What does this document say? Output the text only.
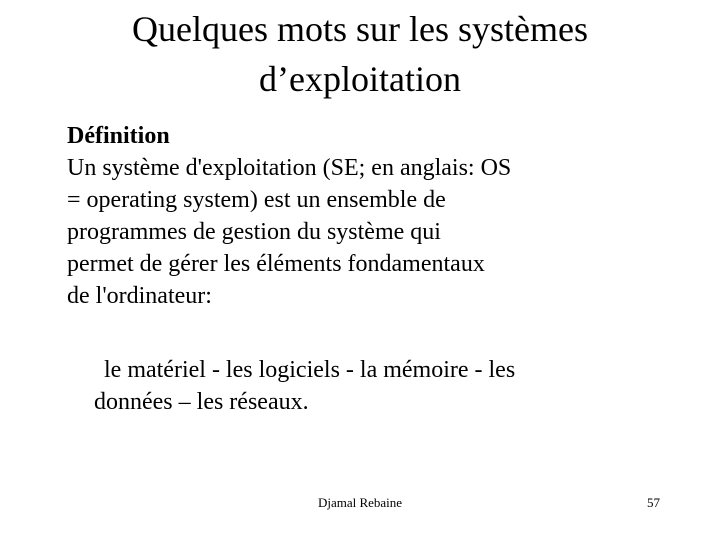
Quelques mots sur les systèmes
d’exploitation
Définition
Un système d'exploitation (SE; en anglais: OS
= operating system) est un ensemble de
programmes de gestion du système qui
permet de gérer les éléments fondamentaux
de l'ordinateur:
le matériel - les logiciels - la mémoire - les
données – les réseaux.
Djamal Rebaine	57
